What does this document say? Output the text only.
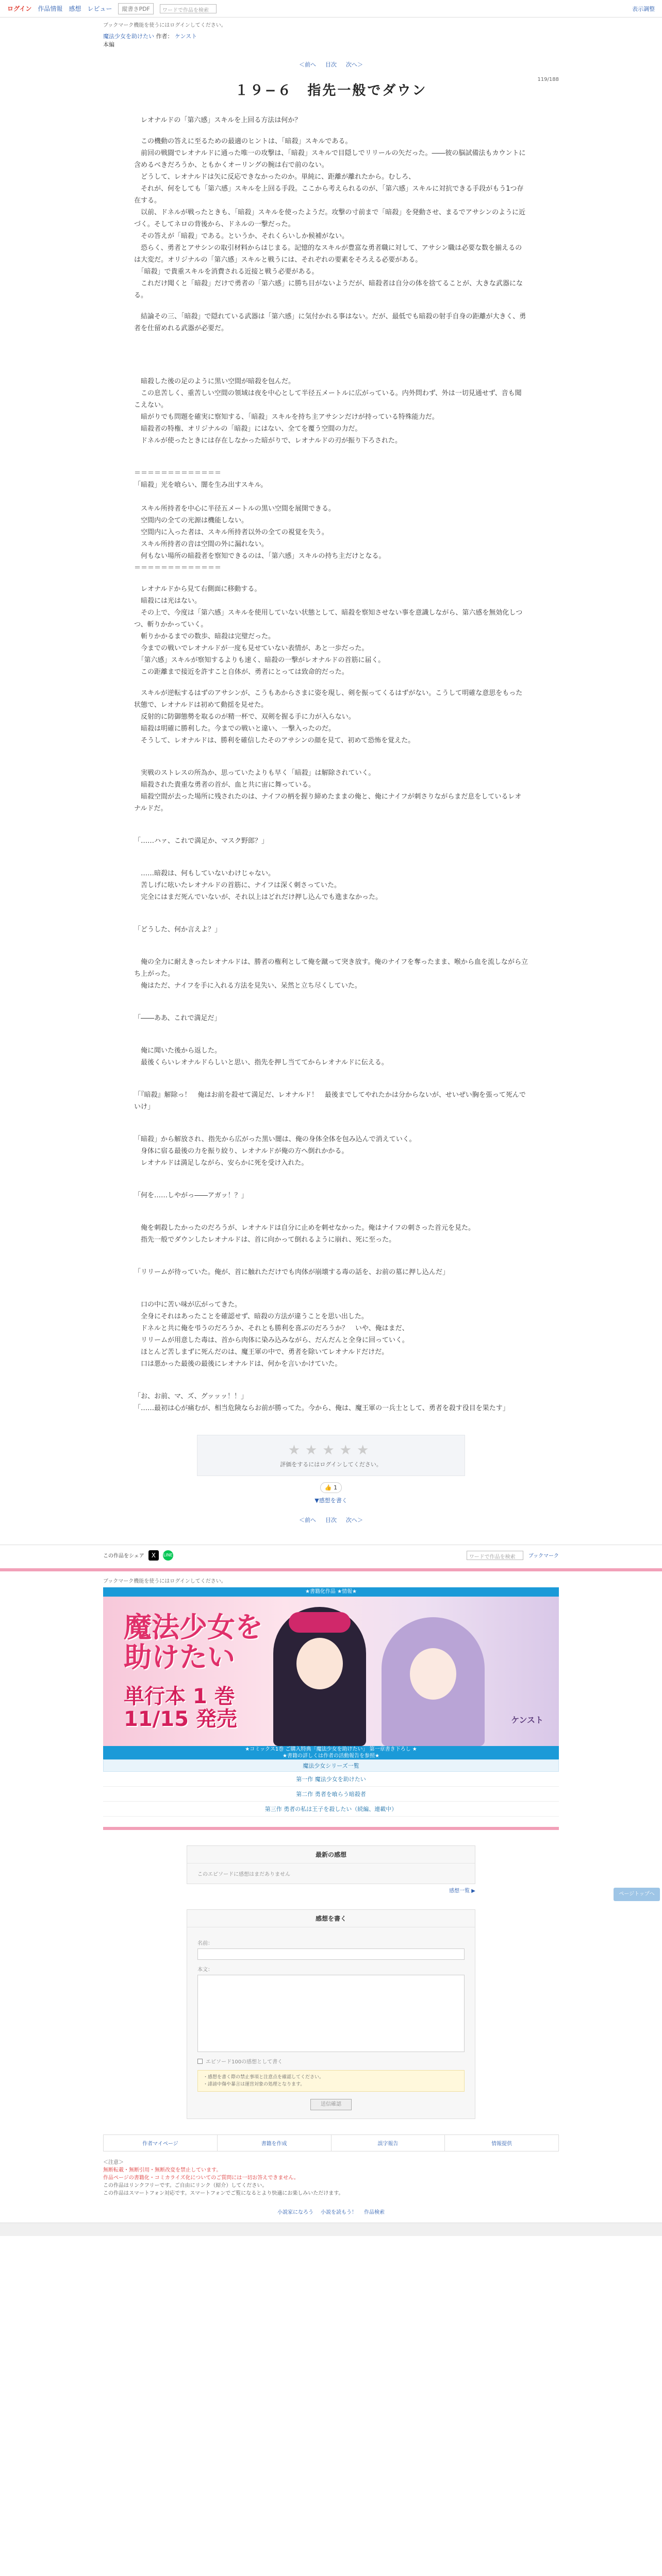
ログイン 作品情報 感想 レビュー	縦書きPDF	ワードで作品を検索	表示調整
ブックマーク機能を使うにはログインしてください。
魔法少女を助けたい 作者： ケンスト
本編
＜前へ 目次 次へ＞
119/188
１９−６　指先一般でダウン

　レオナルドの「第六感」スキルを上回る方法は何か？

　この機動の答えに至るための最適のヒントは、「暗殺」スキルである。
　前回の戦闘でレオナルドに通った唯一の攻撃は、「暗殺」スキルで目隠しでリリールの矢だった。――彼の脳試備法もカウントに含めるべきだろうか、ともかくオーリングの腕は右で前のない。
　どうして、レオナルドは矢に反応できなかったのか。単純に、距離が離れたから。むしろ、
　それが、何をしても「第六感」スキルを上回る手段。ここから考えられるのが、「第六感」スキルに対抗できる手段がもう1つ存在する。
　以前、ドネルが戦ったときも、「暗殺」スキルを使ったようだ。攻撃の寸前まで「暗殺」を発動させ、まるでアサシンのように近づく。そしてネロの背後から、ドネルの一撃だった。
　その答えが「暗殺」である。というか、それくらいしか候補がない。
　恐らく、勇者とアサシンの取引材料からはじまる。記憶的なスキルが豊富な勇者職に対して、アサシン職は必要な数を揃えるのは大変だ。オリジナルの「第六感」スキルと戦うには、それぞれの要素をそろえる必要がある。
　「暗殺」で貴重スキルを消費される近接と戦う必要がある。
　これだけ聞くと「暗殺」だけで勇者の「第六感」に勝ち目がないようだが、暗殺者は自分の体を捨てることが、大きな武器になる。

　結論その三、「暗殺」で隠れている武器は「第六感」に気付かれる事はない。だが、最低でも暗殺の射手自身の距離が大きく、勇者を仕留めれる武器が必要だ。

　暗殺した後の足のように黒い空間が暗殺を包んだ。
　この息苦しく、重苦しい空間の領域は夜を中心として半径五メートルに広がっている。内外問わず、外は一切見通せず、音も聞こえない。
　暗がりでも問題を確実に察知する、「暗殺」スキルを持ち主アサシンだけが持っている特殊能力だ。
　暗殺者の特権、オリジナルの「暗殺」にはない、全てを覆う空間の力だ。
　ドネルが使ったときには存在しなかった暗がりで、レオナルドの刃が振り下ろされた。

＝＝＝＝＝＝＝＝＝＝＝＝＝

「暗殺」光を喰らい、闇を生み出すスキル。

　スキル所持者を中心に半径五メートルの黒い空間を展開できる。
　空間内の全ての光源は機能しない。
　空間内に入った者は、スキル所持者以外の全ての視覚を失う。
　スキル所持者の音は空間の外に漏れない。
　何もない場所の暗殺者を察知できるのは、「第六感」スキルの持ち主だけとなる。

＝＝＝＝＝＝＝＝＝＝＝＝＝

　レオナルドから見て右側面に移動する。
　暗殺には光はない。
　その上で、今度は「第六感」スキルを使用していない状態として、暗殺を察知させない事を意識しながら、第六感を無効化しつつ、斬りかかっていく。
　斬りかかるまでの数歩、暗殺は完璧だった。
　今までの戦いでレオナルドが一度も見せていない表情が、あと一歩だった。
　「第六感」スキルが察知するよりも速く、暗殺の一撃がレオナルドの首筋に届く。
　この距離まで接近を許すこと自体が、勇者にとっては致命的だった。

　スキルが逆転するはずのアサシンが、こうもあからさまに姿を現し、剣を振ってくるはずがない。こうして明確な意思をもった状態で、レオナルドは初めて動揺を見せた。
　反射的に防御態勢を取るのが精一杯で、双剣を握る手に力が入らない。
　暗殺は明確に勝利した。今までの戦いと違い、一撃入ったのだ。
　そうして、レオナルドは、勝利を確信したそのアサシンの顔を見て、初めて恐怖を覚えた。

　実戦のストレスの所為か、思っていたよりも早く「暗殺」は解除されていく。
　暗殺された貴重な勇者の首が、血と共に宙に舞っている。
　暗殺空間が去った場所に残されたのは、ナイフの柄を握り締めたままの俺と、俺にナイフが刺さりながらまだ息をしているレオナルドだ。

「……ハァ、これで満足か、マスク野郎？」

　……暗殺は、何もしていないわけじゃない。
　苦しげに呟いたレオナルドの首筋に、ナイフは深く刺さっていた。
　完全にはまだ死んでいないが、それ以上はどれだけ押し込んでも進まなかった。

「どうした、何か言えよ？」

　俺の全力に耐えきったレオナルドは、勝者の権利として俺を蹴って突き放す。俺のナイフを奪ったまま、喉から血を流しながら立ち上がった。
　俺はただ、ナイフを手に入れる方法を見失い、呆然と立ち尽くしていた。

「――ああ、これで満足だ」

　俺に聞いた後から返した。
　最後くらいレオナルドらしいと思い、指先を押し当ててからレオナルドに伝える。

「『暗殺』解除っ！　俺はお前を殺せて満足だ、レオナルド！　最後までしてやれたかは分からないが、せいぜい胸を張って死んでいけ」

「暗殺」から解放され、指先から広がった黒い闇は、俺の身体全体を包み込んで消えていく。
　身体に宿る最後の力を振り絞り、レオナルドが俺の方へ倒れかかる。
　レオナルドは満足しながら、安らかに死を受け入れた。

「何を……しやがっ――アガッ！？」

　俺を刺殺したかったのだろうが、レオナルドは自分に止めを刺せなかった。俺はナイフの刺さった首元を見た。
　指先一般でダウンしたレオナルドは、首に向かって倒れるように崩れ、死に至った。

「リリームが待っていた。俺が、首に触れただけでも肉体が崩壊する毒の話を、お前の墓に押し込んだ」

　口の中に苦い味が広がってきた。
　全身にそれはあったことを確認せず、暗殺の方法が違うことを思い出した。
　ドネルと共に俺を弔うのだろうか、それとも勝利を喜ぶのだろうか？　いや、俺はまだ、
　リリームが用意した毒は、首から肉体に染み込みながら、だんだんと全身に回っていく。
　ほとんど苦しまずに死んだのは、魔王軍の中で、勇者を除いてレオナルドだけだ。
　口は悪かった最後の最後にレオナルドは、何かを言いかけていた。

「お、お前、マ、ズ、グッッッ！！」

「……最初は心が痛むが、相当危険ならお前が勝ってた。今から、俺は、魔王軍の一兵士として、勇者を殺す役目を果たす」

★★★★★
評価をするにはログインしてください。
👍 1
▼感想を書く
＜前へ 目次 次へ＞
この作品をシェア	X	LINE	ワードで作品を検索	ブックマーク
ブックマーク機能を使うにはログインしてください。
★書籍化作品 ★情報★
魔法少女を助けたい
単行本 1 巻
11/15 発売	ケンスト
★コミックス1巻 ご購入特典「魔法少女を助けたい」 第一章書き下ろし ★
★書籍の詳しくは作者の活動報告を参照★
魔法少女シリーズ一覧
第一作 魔法少女を助けたい
第二作 勇者を喰らう暗殺者
第三作 勇者の私は王子を殺したい（続編、連載中）
最新の感想
このエピソードに感想はまだありません
感想一覧 ▶
感想を書く
名前：
本文：
エピソード100の感想として書く
・感想を書く際の禁止事項と注意点を確認してください。
・誹謗中傷や暴言は運営対象の処理となります。
送信確認
作者マイページ	書籍を作成	誤字報告	情報提供
＜注意＞
無断転載・無断引用・無断改変を禁止しています。
作品ページの書籍化・コミカライズ化についてのご質問には一切お答えできません。
この作品はリンクフリーです。ご自由にリンク（紹介）してください。
この作品はスマートフォン対応です。スマートフォンでご覧になるとより快適にお楽しみいただけます。
小説家になろう 小説を読もう！ 作品検索
ページトップへ
